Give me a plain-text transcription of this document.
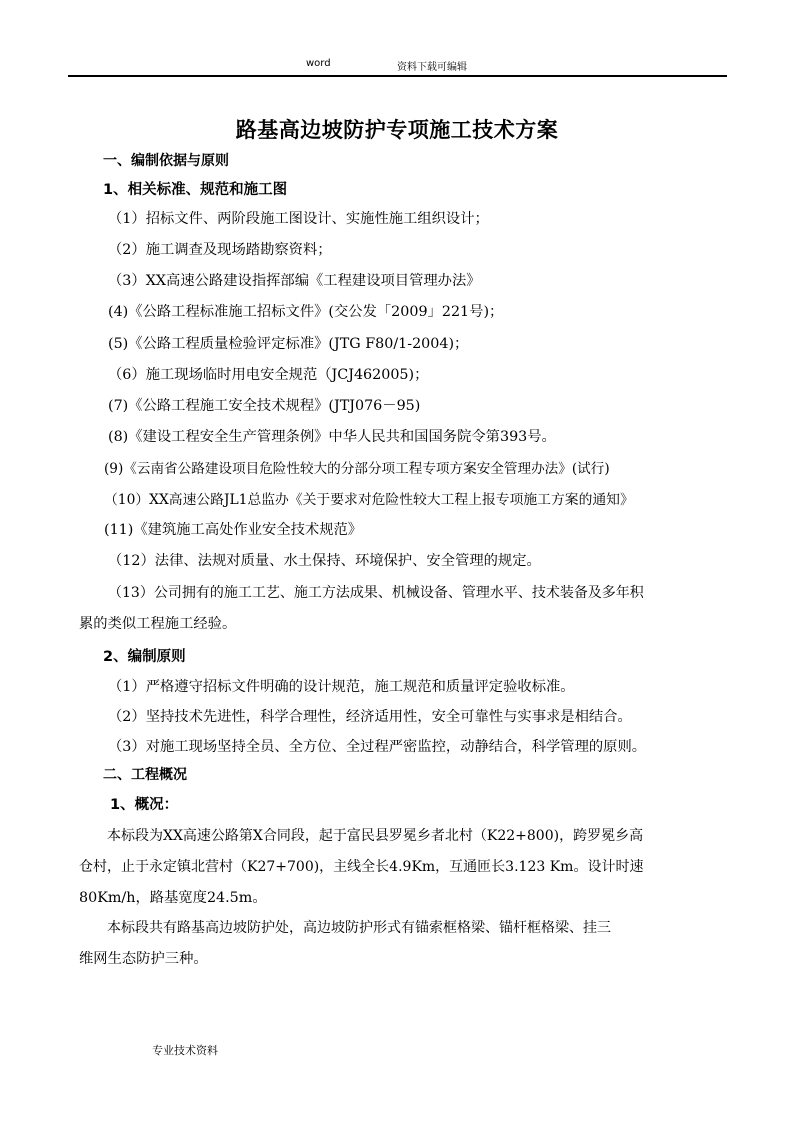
word	资料下载可编辑
路基高边坡防护专项施工技术方案
一、编制依据与原则
1、相关标准、规范和施工图
（1）招标文件、两阶段施工图设计、实施性施工组织设计；
（2）施工调查及现场踏勘察资料；
（3）XX高速公路建设指挥部编《工程建设项目管理办法》
(4)《公路工程标准施工招标文件》(交公发「2009」221号)；
(5)《公路工程质量检验评定标准》(JTG F80/1-2004)；
（6）施工现场临时用电安全规范（JCJ462005)；
(7)《公路工程施工安全技术规程》(JTJ076－95)
(8)《建设工程安全生产管理条例》中华人民共和国国务院令第393号。
(9)《云南省公路建设项目危险性较大的分部分项工程专项方案安全管理办法》(试行)
（10）XX高速公路JL1总监办《关于要求对危险性较大工程上报专项施工方案的通知》
(11)《建筑施工高处作业安全技术规范》
（12）法律、法规对质量、水土保持、环境保护、安全管理的规定。
（13）公司拥有的施工工艺、施工方法成果、机械设备、管理水平、技术装备及多年积
累的类似工程施工经验。
2、编制原则
（1）严格遵守招标文件明确的设计规范，施工规范和质量评定验收标准。
（2）坚持技术先进性，科学合理性，经济适用性，安全可靠性与实事求是相结合。
（3）对施工现场坚持全员、全方位、全过程严密监控，动静结合，科学管理的原则。
二、工程概况
1、概况：
本标段为XX高速公路第X合同段，起于富民县罗冕乡者北村（K22+800)，跨罗冕乡高
仓村，止于永定镇北营村（K27+700)，主线全长4.9Km，互通匝长3.123 Km。设计时速
80Km/h，路基宽度24.5m。
本标段共有路基高边坡防护处，高边坡防护形式有锚索框格梁、锚杆框格梁、挂三
维网生态防护三种。
专业技术资料
